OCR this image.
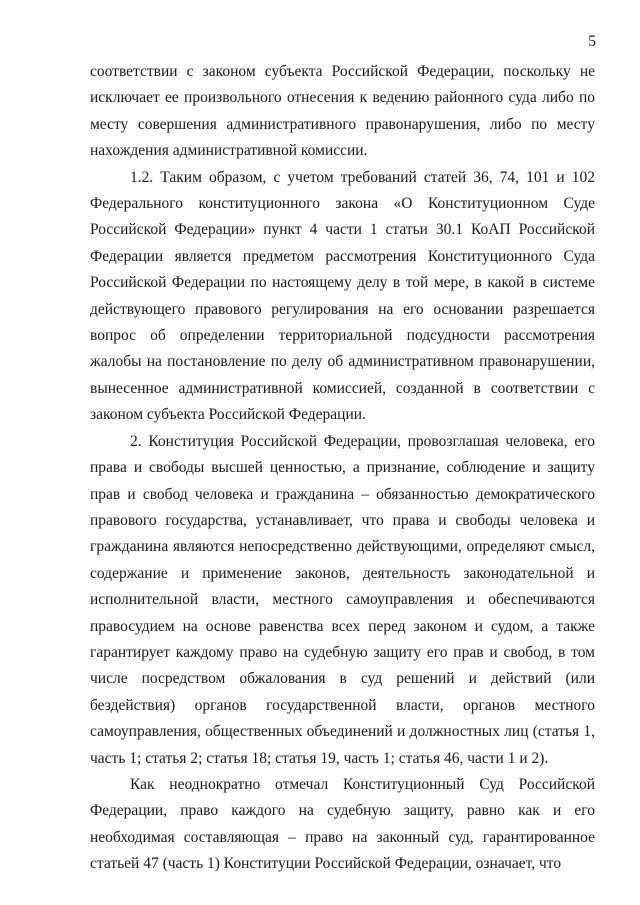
5

соответствии с законом субъекта Российской Федерации, поскольку не исключает ее произвольного отнесения к ведению районного суда либо по месту совершения административного правонарушения, либо по месту нахождения административной комиссии.

1.2. Таким образом, с учетом требований статей 36, 74, 101 и 102 Федерального конституционного закона «О Конституционном Суде Российской Федерации» пункт 4 части 1 статьи 30.1 КоАП Российской Федерации является предметом рассмотрения Конституционного Суда Российской Федерации по настоящему делу в той мере, в какой в системе действующего правового регулирования на его основании разрешается вопрос об определении территориальной подсудности рассмотрения жалобы на постановление по делу об административном правонарушении, вынесенное административной комиссией, созданной в соответствии с законом субъекта Российской Федерации.

2. Конституция Российской Федерации, провозглашая человека, его права и свободы высшей ценностью, а признание, соблюдение и защиту прав и свобод человека и гражданина – обязанностью демократического правового государства, устанавливает, что права и свободы человека и гражданина являются непосредственно действующими, определяют смысл, содержание и применение законов, деятельность законодательной и исполнительной власти, местного самоуправления и обеспечиваются правосудием на основе равенства всех перед законом и судом, а также гарантирует каждому право на судебную защиту его прав и свобод, в том числе посредством обжалования в суд решений и действий (или бездействия) органов государственной власти, органов местного самоуправления, общественных объединений и должностных лиц (статья 1, часть 1; статья 2; статья 18; статья 19, часть 1; статья 46, части 1 и 2).

Как неоднократно отмечал Конституционный Суд Российской Федерации, право каждого на судебную защиту, равно как и его необходимая составляющая – право на законный суд, гарантированное статьей 47 (часть 1) Конституции Российской Федерации, означает, что
